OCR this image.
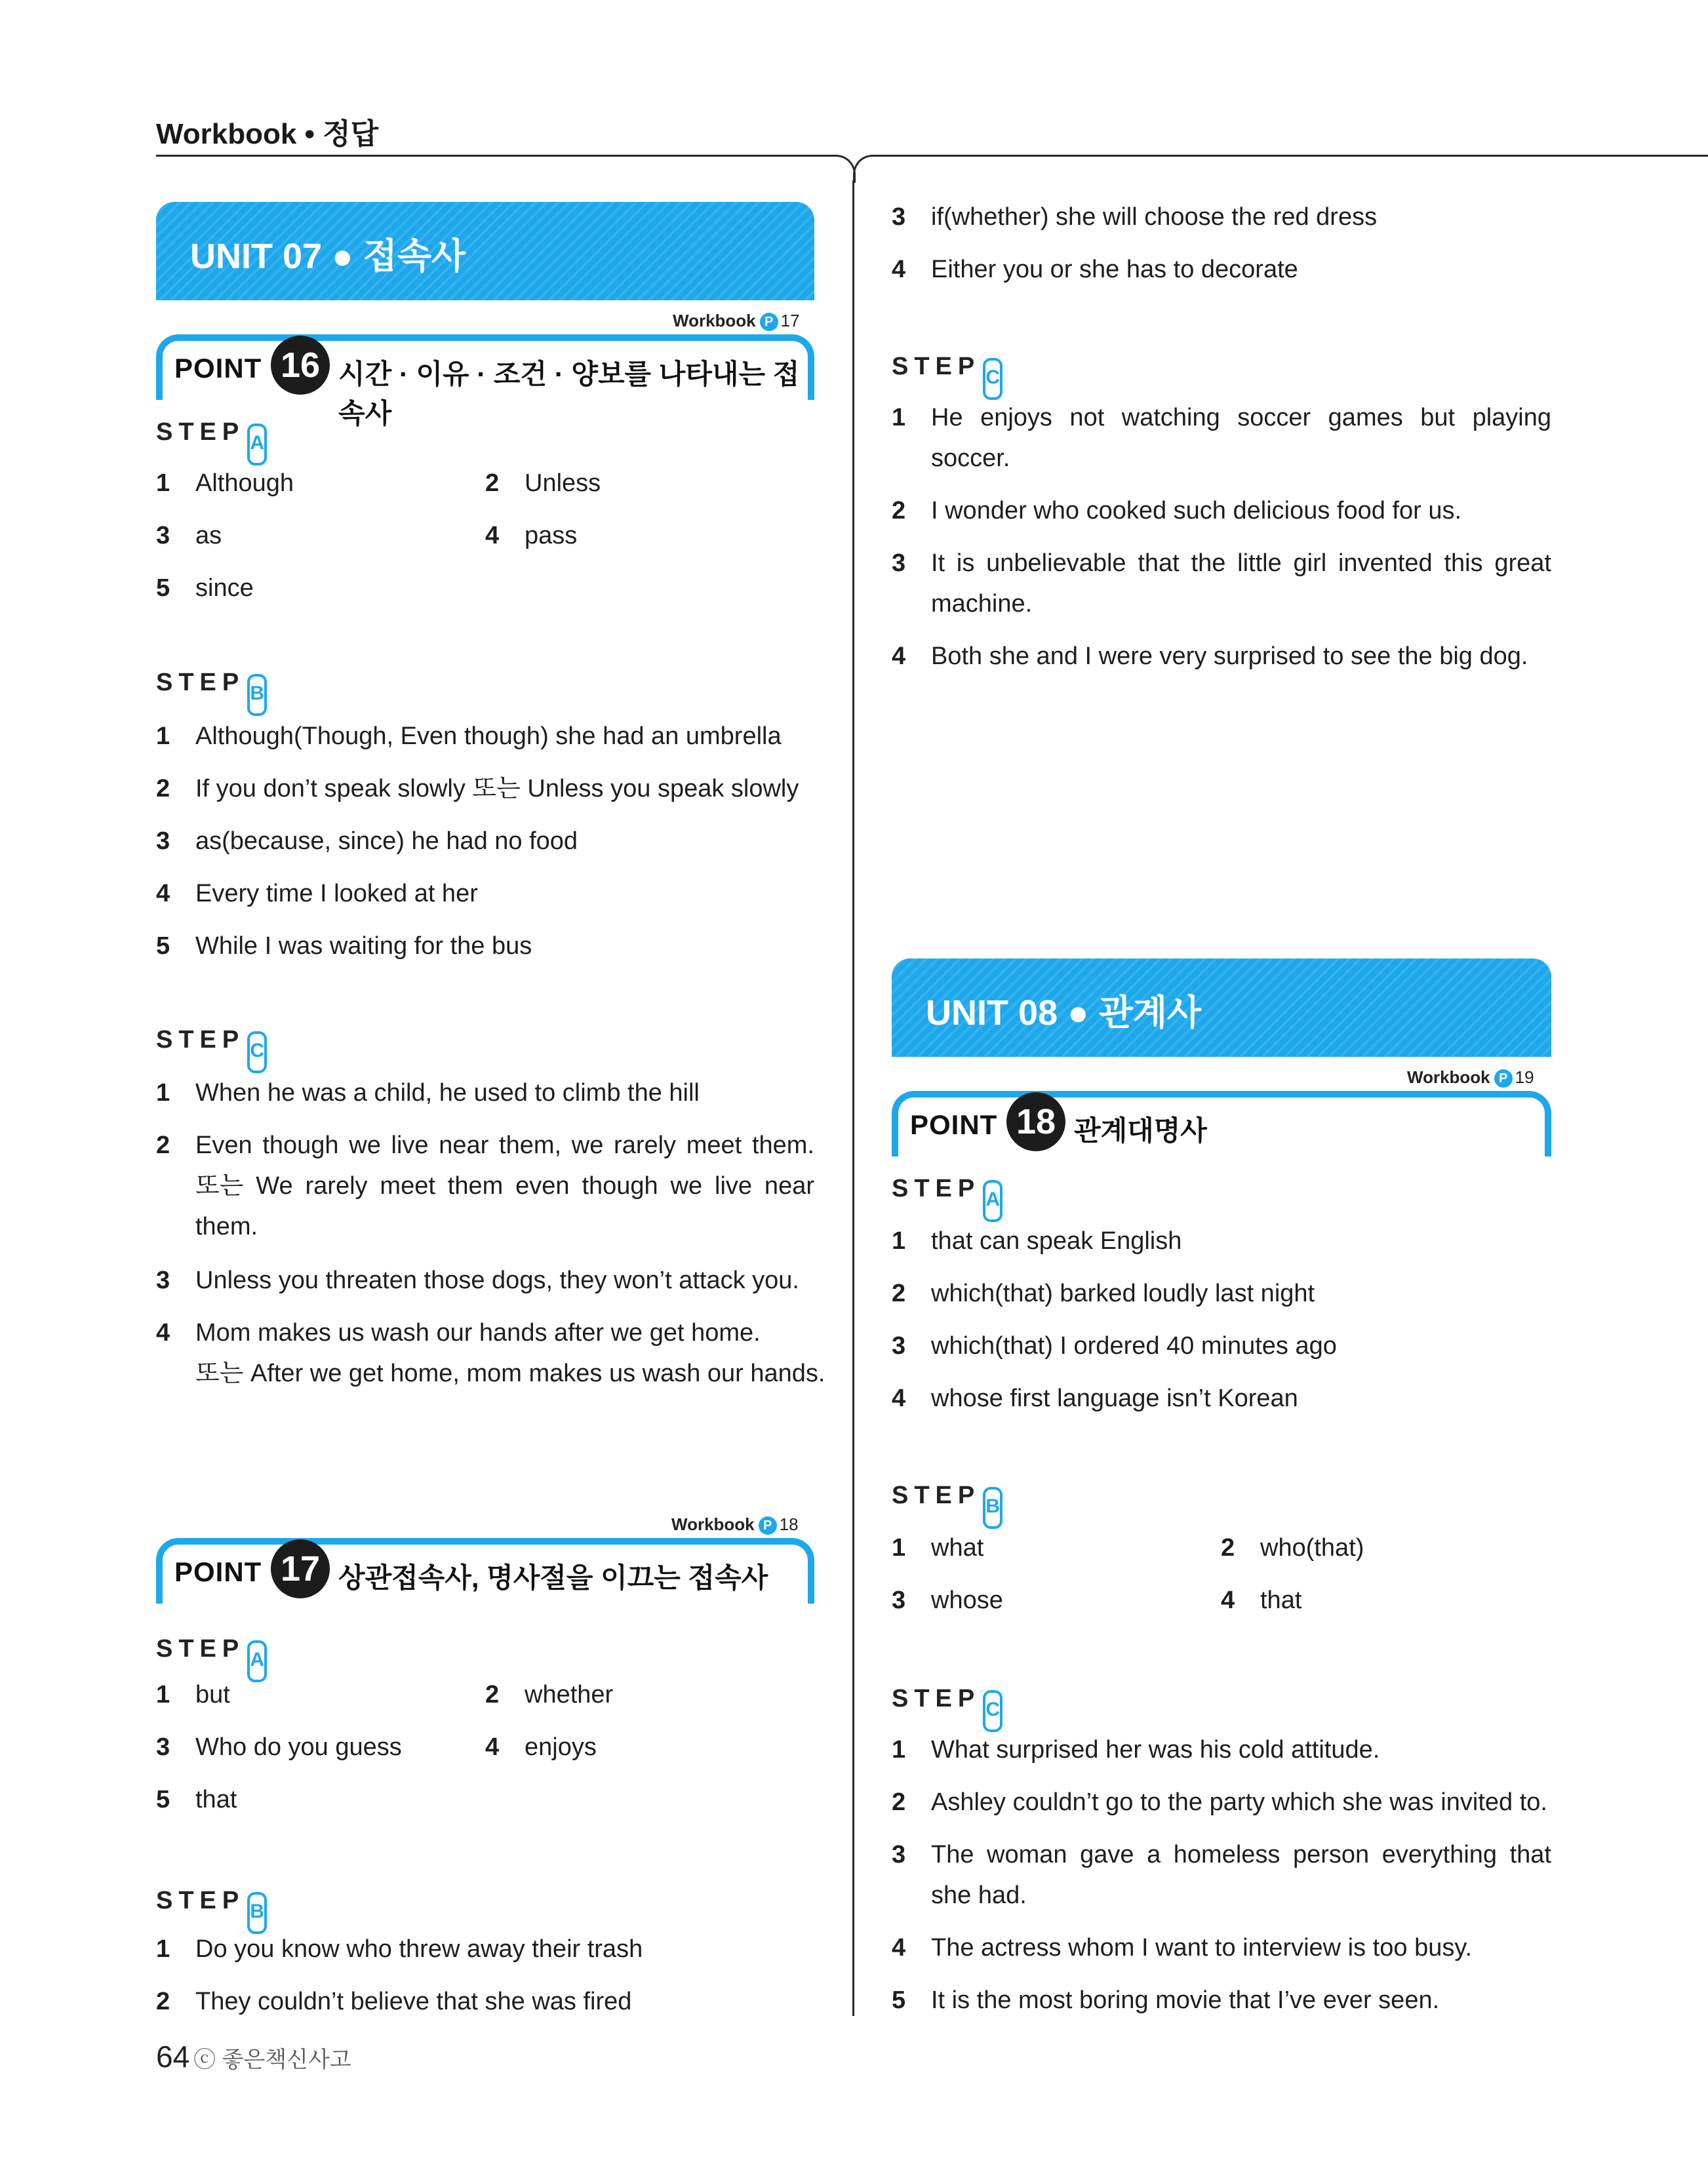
Workbook • 정답
UNIT 07 ● 접속사
Workbook P 17
POINT 16 시간 · 이유 · 조건 · 양보를 나타내는 접속사
STEP A
1 Although	2 Unless
3 as	4 pass
5 since
STEP B
1 Although(Though, Even though) she had an umbrella
2 If you don’t speak slowly 또는 Unless you speak slowly
3 as(because, since) he had no food
4 Every time I looked at her
5 While I was waiting for the bus
STEP C
1 When he was a child, he used to climb the hill
2 Even though we live near them, we rarely meet them. 또는 We rarely meet them even though we live near them.
3 Unless you threaten those dogs, they won’t attack you.
4 Mom makes us wash our hands after we get home.
또는 After we get home, mom makes us wash our hands.
Workbook P 18
POINT 17 상관접속사, 명사절을 이끄는 접속사
STEP A
1 but	2 whether
3 Who do you guess	4 enjoys
5 that
STEP B
1 Do you know who threw away their trash
2 They couldn’t believe that she was fired
3 if(whether) she will choose the red dress
4 Either you or she has to decorate
STEP C
1 He enjoys not watching soccer games but playing soccer.
2 I wonder who cooked such delicious food for us.
3 It is unbelievable that the little girl invented this great machine.
4 Both she and I were very surprised to see the big dog.
UNIT 08 ● 관계사
Workbook P 19
POINT 18 관계대명사
STEP A
1 that can speak English
2 which(that) barked loudly last night
3 which(that) I ordered 40 minutes ago
4 whose first language isn’t Korean
STEP B
1 what	2 who(that)
3 whose	4 that
STEP C
1 What surprised her was his cold attitude.
2 Ashley couldn’t go to the party which she was invited to.
3 The woman gave a homeless person everything that she had.
4 The actress whom I want to interview is too busy.
5 It is the most boring movie that I’ve ever seen.
64 ⓒ 좋은책신사고
